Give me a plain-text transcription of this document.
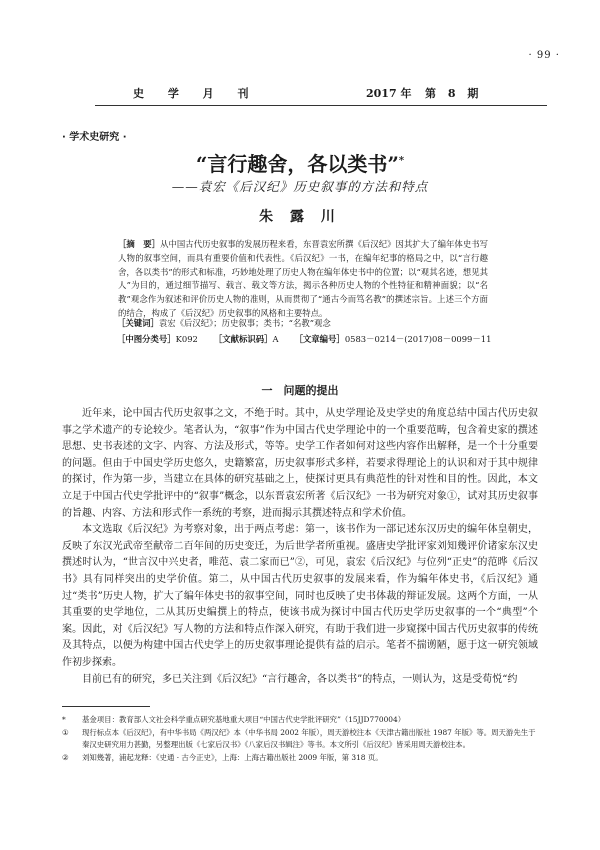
· 99 ·
史 学 月 刊	2017 年 第 8 期
· 学术史研究 ·
“言行趣舍，各以类书”*
——袁宏《后汉纪》历史叙事的方法和特点
朱 露 川
［摘　要］从中国古代历史叙事的发展历程来看，东晋袁宏所撰《后汉纪》因其扩大了编年体史书写人物的叙事空间，而具有重要价值和代表性。《后汉纪》一书，在编年纪事的格局之中，以“言行趣舍，各以类书”的形式和标准，巧妙地处理了历史人物在编年体史书中的位置；以“观其名迹，想见其人”为目的，通过细节描写、载言、载文等方法，揭示各种历史人物的个性特征和精神面貌；以“名教”观念作为叙述和评价历史人物的准则，从而贯彻了“通古今而笃名教”的撰述宗旨。上述三个方面的结合，构成了《后汉纪》历史叙事的风格和主要特点。
［关键词］袁宏《后汉纪》；历史叙事；类书；“名教”观念
［中图分类号］K092 ［文献标识码］A ［文章编号］0583－0214－(2017)08－0099－11
一　问题的提出

近年来，论中国古代历史叙事之文，不绝于时。其中，从史学理论及史学史的角度总结中国古代历史叙事之学术遗产的专论较少。笔者认为，“叙事”作为中国古代史学理论中的一个重要范畴，包含着史家的撰述思想、史书表述的文字、内容、方法及形式，等等。史学工作者如何对这些内容作出解释，是一个十分重要的问题。但由于中国史学历史悠久，史籍繁富，历史叙事形式多样，若要求得理论上的认识和对于其中规律的探讨，作为第一步，当建立在具体的研究基础之上，使探讨更具有典范性的针对性和目的性。因此，本文立足于中国古代史学批评中的“叙事”概念，以东晋袁宏所著《后汉纪》一书为研究对象①，试对其历史叙事的旨趣、内容、方法和形式作一系统的考察，进而揭示其撰述特点和学术价值。

本文选取《后汉纪》为考察对象，出于两点考虑：第一，该书作为一部记述东汉历史的编年体皇朝史，反映了东汉光武帝至献帝二百年间的历史变迁，为后世学者所重视。盛唐史学批评家刘知幾评价诸家东汉史撰述时认为，“世言汉中兴史者，唯范、袁二家而已”②，可见，袁宏《后汉纪》与位列“正史”的范晔《后汉书》具有同样突出的史学价值。第二，从中国古代历史叙事的发展来看，作为编年体史书，《后汉纪》通过“类书”历史人物，扩大了编年体史书的叙事空间，同时也反映了史书体裁的辩证发展。这两个方面，一从其重要的史学地位，二从其历史编撰上的特点，使该书成为探讨中国古代历史学历史叙事的一个“典型”个案。因此，对《后汉纪》写人物的方法和特点作深入研究，有助于我们进一步窥探中国古代历史叙事的传统及其特点，以便为构建中国古代史学上的历史叙事理论提供有益的启示。笔者不揣谫陋，愿于这一研究领域作初步探索。

目前已有的研究，多已关注到《后汉纪》“言行趣舍，各以类书”的特点，一则认为，这是受荀悦“约

* 基金项目：教育部人文社会科学重点研究基地重大项目“中国古代史学批评研究”（15JJD770004）
① 现行标点本《后汉纪》，有中华书局《两汉纪》本（中华书局 2002 年版），周天游校注本《天津古籍出版社 1987 年版》等。周天游先生于秦汉史研究用力甚勤，另整理出版《七家后汉书》《八家后汉书辑注》等书。本文所引《后汉纪》皆采用周天游校注本。
② 刘知幾著，浦起龙释：《史通 · 古今正史》，上海：上海古籍出版社 2009 年版，第 318 页。
